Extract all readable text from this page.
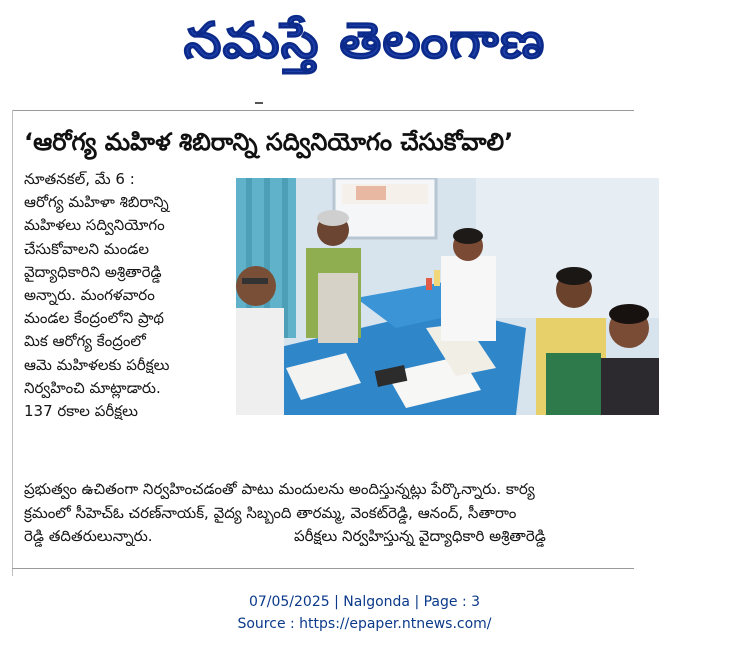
నమస్తే తెలంగాణ
‘ఆరోగ్య మహిళ శిబిరాన్ని సద్వినియోగం చేసుకోవాలి’
నూతనకల్, మే 6 :
ఆరోగ్య మహిళా శిబిరాన్ని
మహిళలు సద్వినియోగం
చేసుకోవాలని మండల
వైద్యాధికారిని అశ్రితారెడ్డి
అన్నారు. మంగళవారం
మండల కేంద్రంలోని ప్రాథ
మిక ఆరోగ్య కేంద్రంలో
ఆమె మహిళలకు పరీక్షలు
నిర్వహించి మాట్లాడారు.
137 రకాల పరీక్షలు
ప్రభుత్వం ఉచితంగా నిర్వహించడంతో పాటు మందులను అందిస్తున్నట్లు పేర్కొన్నారు. కార్య
క్రమంలో సీహెచ్ఓ చరణ్‌నాయక్, వైద్య సిబ్బంది తారమ్మ, వెంకట్‌రెడ్డి, ఆనంద్, సీతారాం
రెడ్డి తదితరులున్నారు.	పరీక్షలు నిర్వహిస్తున్న వైద్యాధికారి అశ్రితారెడ్డి
07/05/2025 | Nalgonda | Page : 3
Source : https://epaper.ntnews.com/
